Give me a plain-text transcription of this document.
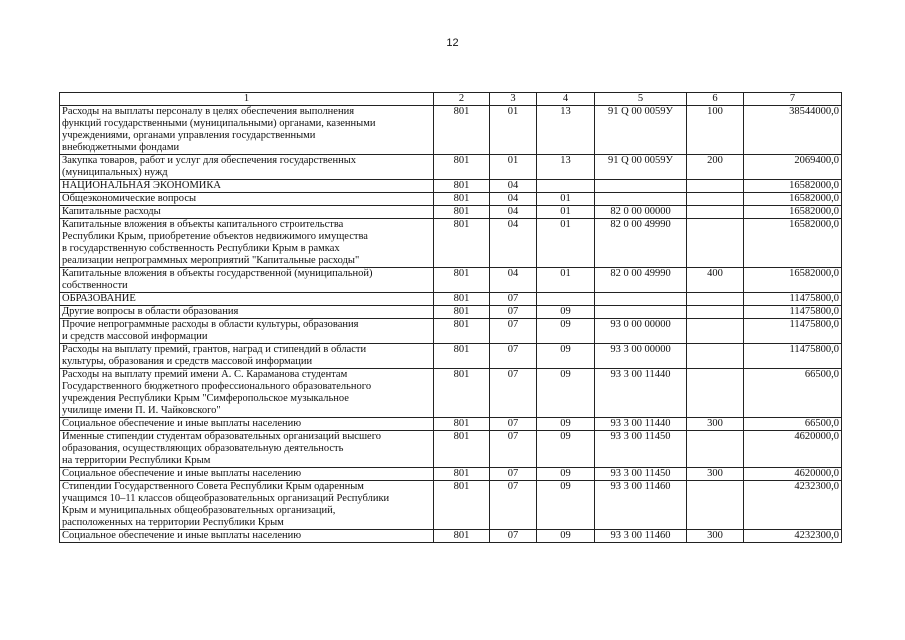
12
1	2	3	4	5	6	7

Расходы на выплаты персоналу в целях обеспечения выполнения
функций государственными (муниципальными) органами, казенными
учреждениями, органами управления государственными
внебюджетными фондами	801	01	13	91 Q 00 0059У	100	38544000,0

Закупка товаров, работ и услуг для обеспечения государственных
(муниципальных) нужд	801	01	13	91 Q 00 0059У	200	2069400,0

НАЦИОНАЛЬНАЯ ЭКОНОМИКА	801	04				16582000,0

Общеэкономические вопросы	801	04	01			16582000,0

Капитальные расходы	801	04	01	82 0 00 00000		16582000,0

Капитальные вложения в объекты капитального строительства
Республики Крым, приобретение объектов недвижимого имущества
в государственную собственность Республики Крым в рамках
реализации непрограммных мероприятий "Капитальные расходы"	801	04	01	82 0 00 49990		16582000,0

Капитальные вложения в объекты государственной (муниципальной)
собственности	801	04	01	82 0 00 49990	400	16582000,0

ОБРАЗОВАНИЕ	801	07				11475800,0

Другие вопросы в области образования	801	07	09			11475800,0

Прочие непрограммные расходы в области культуры, образования
и средств массовой информации	801	07	09	93 0 00 00000		11475800,0

Расходы на выплату премий, грантов, наград и стипендий в области
культуры, образования и средств массовой информации	801	07	09	93 3 00 00000		11475800,0

Расходы на выплату премий имени А. С. Караманова студентам
Государственного бюджетного профессионального образовательного
учреждения Республики Крым "Симферопольское музыкальное
училище имени П. И. Чайковского"	801	07	09	93 3 00 11440		66500,0

Социальное обеспечение и иные выплаты населению	801	07	09	93 3 00 11440	300	66500,0

Именные стипендии студентам образовательных организаций высшего
образования, осуществляющих образовательную деятельность
на территории Республики Крым	801	07	09	93 3 00 11450		4620000,0

Социальное обеспечение и иные выплаты населению	801	07	09	93 3 00 11450	300	4620000,0

Стипендии Государственного Совета Республики Крым одаренным
учащимся 10–11 классов общеобразовательных организаций Республики
Крым и муниципальных общеобразовательных организаций,
расположенных на территории Республики Крым	801	07	09	93 3 00 11460		4232300,0

Социальное обеспечение и иные выплаты населению	801	07	09	93 3 00 11460	300	4232300,0
